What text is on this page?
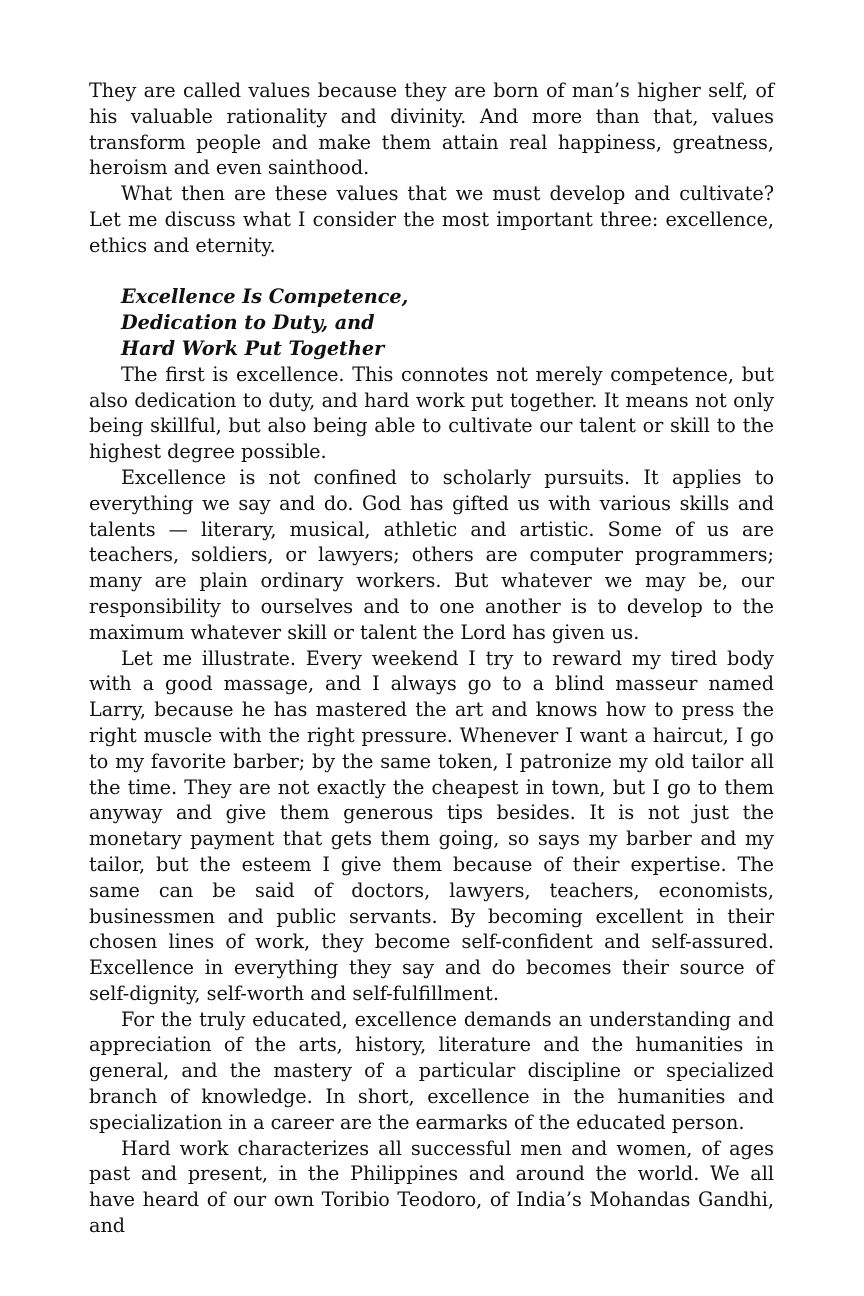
They are called values because they are born of man’s higher self, of his valuable rationality and divinity. And more than that, values transform people and make them attain real happiness, greatness, heroism and even sainthood.

What then are these values that we must develop and cultivate? Let me discuss what I consider the most important three: excellence, ethics and eternity.

Excellence Is Competence,
Dedication to Duty, and
Hard Work Put Together

The first is excellence. This connotes not merely competence, but also dedication to duty, and hard work put together. It means not only being skillful, but also being able to cultivate our talent or skill to the highest degree possible.

Excellence is not confined to scholarly pursuits. It applies to everything we say and do. God has gifted us with various skills and talents — literary, musical, athletic and artistic. Some of us are teachers, soldiers, or lawyers; others are computer programmers; many are plain ordinary workers. But whatever we may be, our responsibility to ourselves and to one another is to develop to the maximum whatever skill or talent the Lord has given us.

Let me illustrate. Every weekend I try to reward my tired body with a good massage, and I always go to a blind masseur named Larry, because he has mastered the art and knows how to press the right muscle with the right pressure. Whenever I want a haircut, I go to my favorite barber; by the same token, I patronize my old tailor all the time. They are not exactly the cheapest in town, but I go to them anyway and give them generous tips besides. It is not just the monetary payment that gets them going, so says my barber and my tailor, but the esteem I give them because of their expertise. The same can be said of doctors, lawyers, teachers, economists, businessmen and public servants. By becoming excellent in their chosen lines of work, they become self-confident and self-assured. Excellence in everything they say and do becomes their source of self-dignity, self-worth and self-fulfillment.

For the truly educated, excellence demands an understanding and appreciation of the arts, history, literature and the humanities in general, and the mastery of a particular discipline or specialized branch of knowledge. In short, excellence in the humanities and specialization in a career are the earmarks of the educated person.

Hard work characterizes all successful men and women, of ages past and present, in the Philippines and around the world. We all have heard of our own Toribio Teodoro, of India’s Mohandas Gandhi, and
